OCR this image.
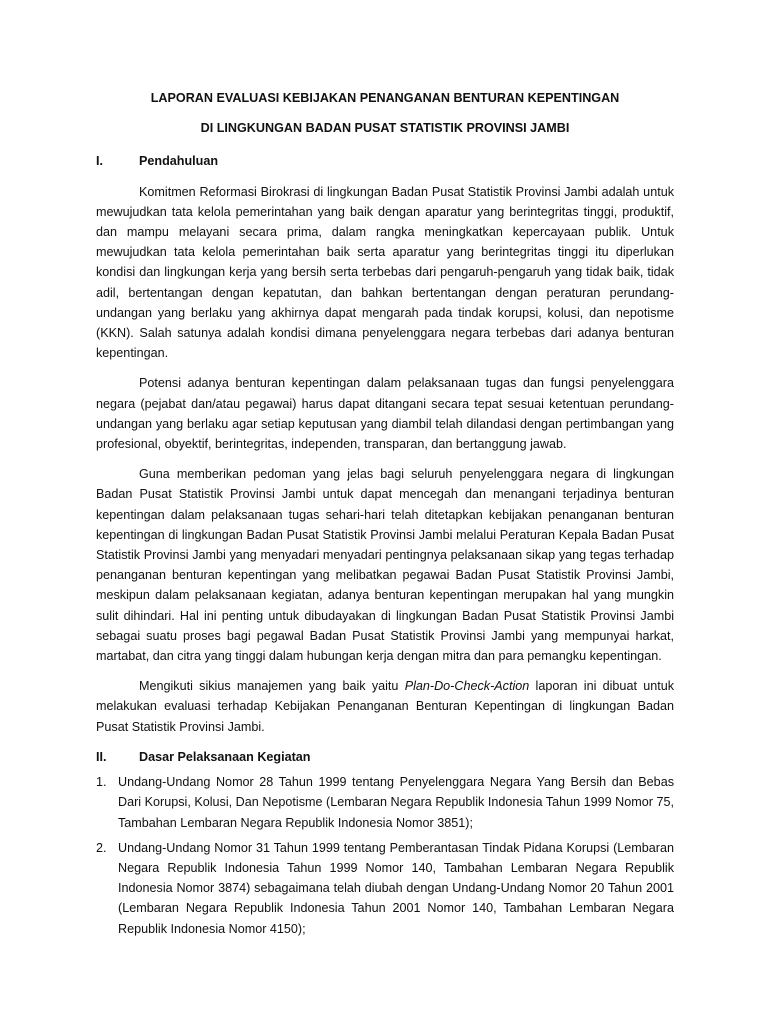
LAPORAN EVALUASI KEBIJAKAN PENANGANAN BENTURAN KEPENTINGAN

DI LINGKUNGAN BADAN PUSAT STATISTIK PROVINSI JAMBI

I.	Pendahuluan

Komitmen Reformasi Birokrasi di lingkungan Badan Pusat Statistik Provinsi Jambi adalah untuk mewujudkan tata kelola pemerintahan yang baik dengan aparatur yang berintegritas tinggi, produktif, dan mampu melayani secara prima, dalam rangka meningkatkan kepercayaan publik. Untuk mewujudkan tata kelola pemerintahan baik serta aparatur yang berintegritas tinggi itu diperlukan kondisi dan lingkungan kerja yang bersih serta terbebas dari pengaruh-pengaruh yang tidak baik, tidak adil, bertentangan dengan kepatutan, dan bahkan bertentangan dengan peraturan perundang-undangan yang berlaku yang akhirnya dapat mengarah pada tindak korupsi, kolusi, dan nepotisme (KKN). Salah satunya adalah kondisi dimana penyelenggara negara terbebas dari adanya benturan kepentingan.

Potensi adanya benturan kepentingan dalam pelaksanaan tugas dan fungsi penyelenggara negara (pejabat dan/atau pegawai) harus dapat ditangani secara tepat sesuai ketentuan perundang-undangan yang berlaku agar setiap keputusan yang diambil telah dilandasi dengan pertimbangan yang profesional, obyektif, berintegritas, independen, transparan, dan bertanggung jawab.

Guna memberikan pedoman yang jelas bagi seluruh penyelenggara negara di lingkungan Badan Pusat Statistik Provinsi Jambi untuk dapat mencegah dan menangani terjadinya benturan kepentingan dalam pelaksanaan tugas sehari-hari telah ditetapkan kebijakan penanganan benturan kepentingan di lingkungan Badan Pusat Statistik Provinsi Jambi melalui Peraturan Kepala Badan Pusat Statistik Provinsi Jambi yang menyadari menyadari pentingnya pelaksanaan sikap yang tegas terhadap penanganan benturan kepentingan yang melibatkan pegawai Badan Pusat Statistik Provinsi Jambi, meskipun dalam pelaksanaan kegiatan, adanya benturan kepentingan merupakan hal yang mungkin sulit dihindari. Hal ini penting untuk dibudayakan di lingkungan Badan Pusat Statistik Provinsi Jambi sebagai suatu proses bagi pegawal Badan Pusat Statistik Provinsi Jambi yang mempunyai harkat, martabat, dan citra yang tinggi dalam hubungan kerja dengan mitra dan para pemangku kepentingan.

Mengikuti sikius manajemen yang baik yaitu Plan-Do-Check-Action laporan ini dibuat untuk melakukan evaluasi terhadap Kebijakan Penanganan Benturan Kepentingan di lingkungan Badan Pusat Statistik Provinsi Jambi.

II.	Dasar Pelaksanaan Kegiatan
1. Undang-Undang Nomor 28 Tahun 1999 tentang Penyelenggara Negara Yang Bersih dan Bebas Dari Korupsi, Kolusi, Dan Nepotisme (Lembaran Negara Republik Indonesia Tahun 1999 Nomor 75, Tambahan Lembaran Negara Republik Indonesia Nomor 3851);
2. Undang-Undang Nomor 31 Tahun 1999 tentang Pemberantasan Tindak Pidana Korupsi (Lembaran Negara Republik Indonesia Tahun 1999 Nomor 140, Tambahan Lembaran Negara Republik Indonesia Nomor 3874) sebagaimana telah diubah dengan Undang-Undang Nomor 20 Tahun 2001 (Lembaran Negara Republik Indonesia Tahun 2001 Nomor 140, Tambahan Lembaran Negara Republik Indonesia Nomor 4150);
